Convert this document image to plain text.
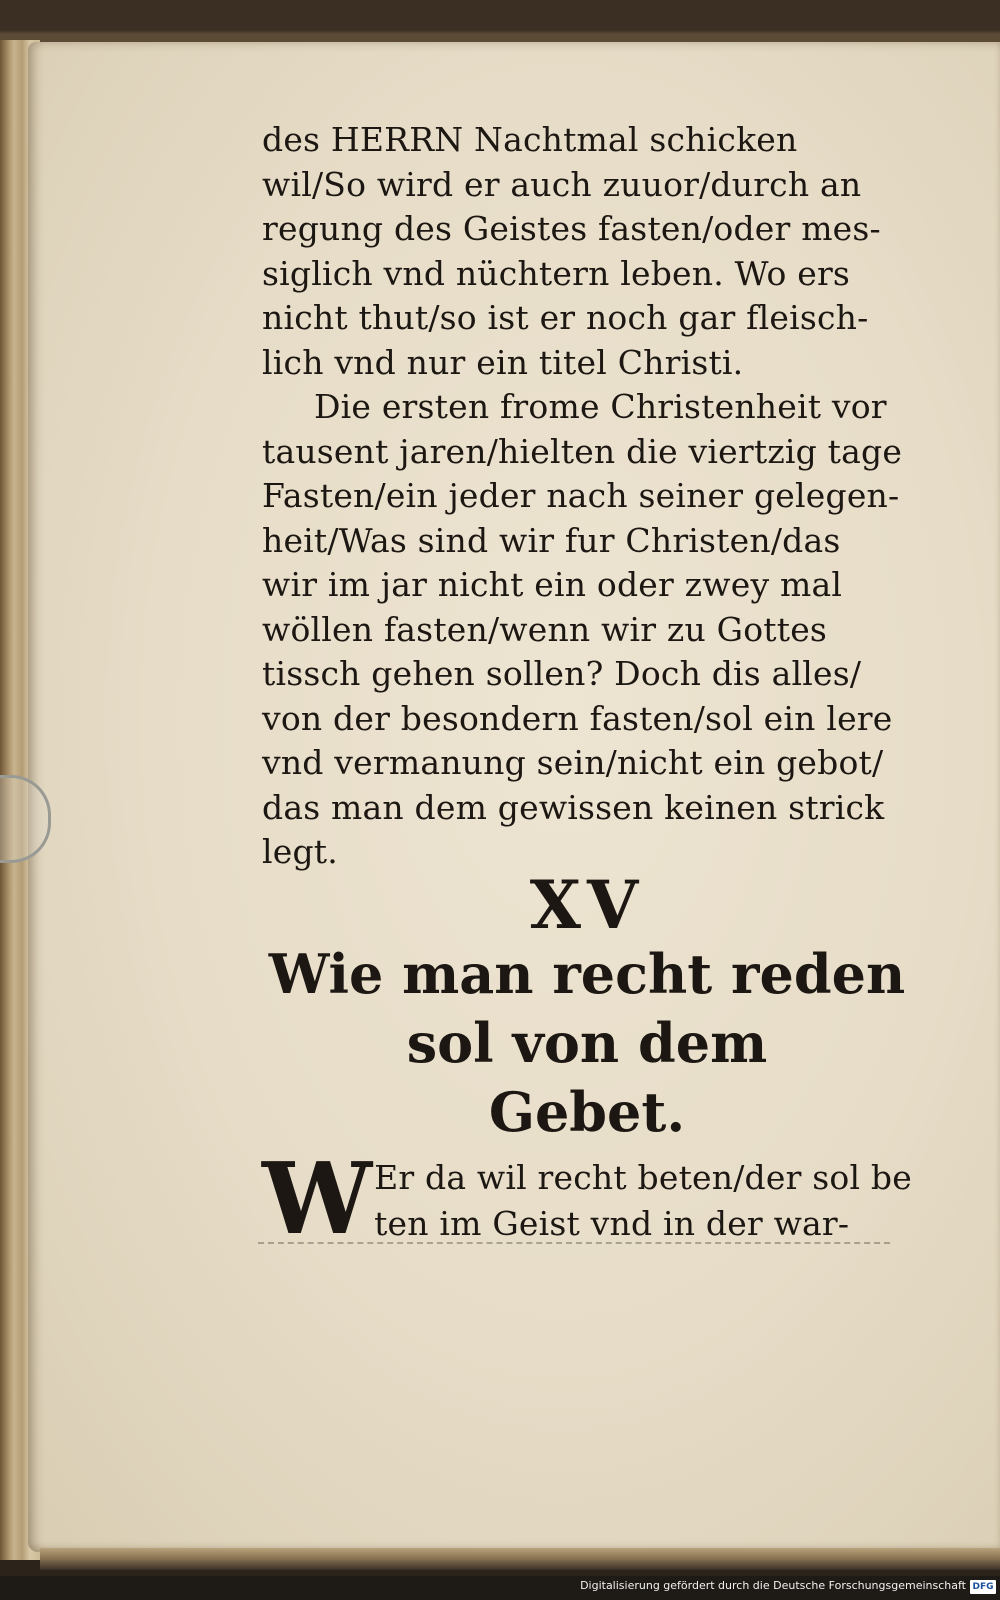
des HERRN Nachtmal schicken

wil/So wird er auch zuuor/durch an

regung des Geistes fasten/oder mes-

siglich vnd nüchtern leben. Wo ers

nicht thut/so ist er noch gar fleisch-

lich vnd nur ein titel Christi.

Die ersten frome Christenheit vor

tausent jaren/hielten die viertzig tage

Fasten/ein jeder nach seiner gelegen-

heit/Was sind wir fur Christen/das

wir im jar nicht ein oder zwey mal

wöllen fasten/wenn wir zu Gottes

tissch gehen sollen? Doch dis alles/

von der besondern fasten/sol ein lere

vnd vermanung sein/nicht ein gebot/

das man dem gewissen keinen strick

legt.

XV

Wie man recht reden
sol von dem
Gebet.
W Er da wil recht beten/der sol be

ten im Geist vnd in der war-

Digitalisierung gefördert durch die Deutsche Forschungsgemeinschaft DFG
